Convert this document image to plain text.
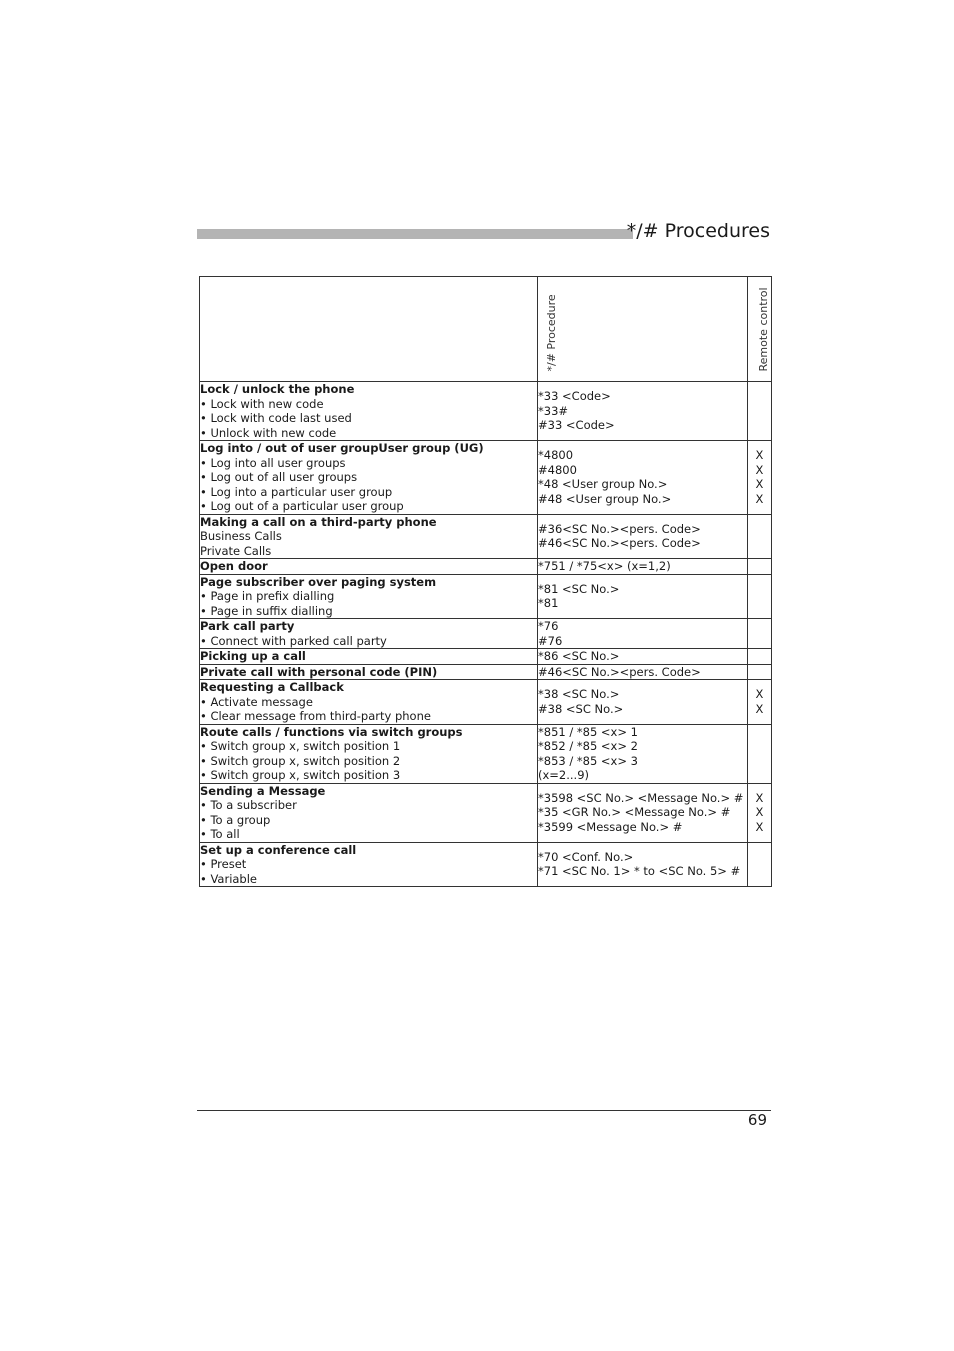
*/# Procedures

	*/# Procedure	Remote control

Lock / unlock the phone
• Lock with new code
• Lock with code last used
• Unlock with new code	*33 <Code>
*33#
#33 <Code>	

Log into / out of user groupUser group (UG)
• Log into all user groups
• Log out of all user groups
• Log into a particular user group
• Log out of a particular user group	*4800
#4800
*48 <User group No.>
#48 <User group No.>	X
X
X
X

Making a call on a third-party phone
Business Calls
Private Calls	#36<SC No.><pers. Code>
#46<SC No.><pers. Code>	

Open door	*751 / *75<x> (x=1,2)	

Page subscriber over paging system
• Page in prefix dialling
• Page in suffix dialling	*81 <SC No.>
*81	

Park call party
• Connect with parked call party	*76
#76	

Picking up a call	*86 <SC No.>	

Private call with personal code (PIN)	#46<SC No.><pers. Code>	

Requesting a Callback
• Activate message
• Clear message from third-party phone	*38 <SC No.>
#38 <SC No.>	X
X

Route calls / functions via switch groups
• Switch group x, switch position 1
• Switch group x, switch position 2
• Switch group x, switch position 3	*851 / *85 <x> 1
*852 / *85 <x> 2
*853 / *85 <x> 3
(x=2...9)	

Sending a Message
• To a subscriber
• To a group
• To all	*3598 <SC No.> <Message No.> #
*35 <GR No.> <Message No.> #
*3599 <Message No.> #	X
X
X

Set up a conference call
• Preset
• Variable	*70 <Conf. No.>
*71 <SC No. 1> * to <SC No. 5> #	

69
